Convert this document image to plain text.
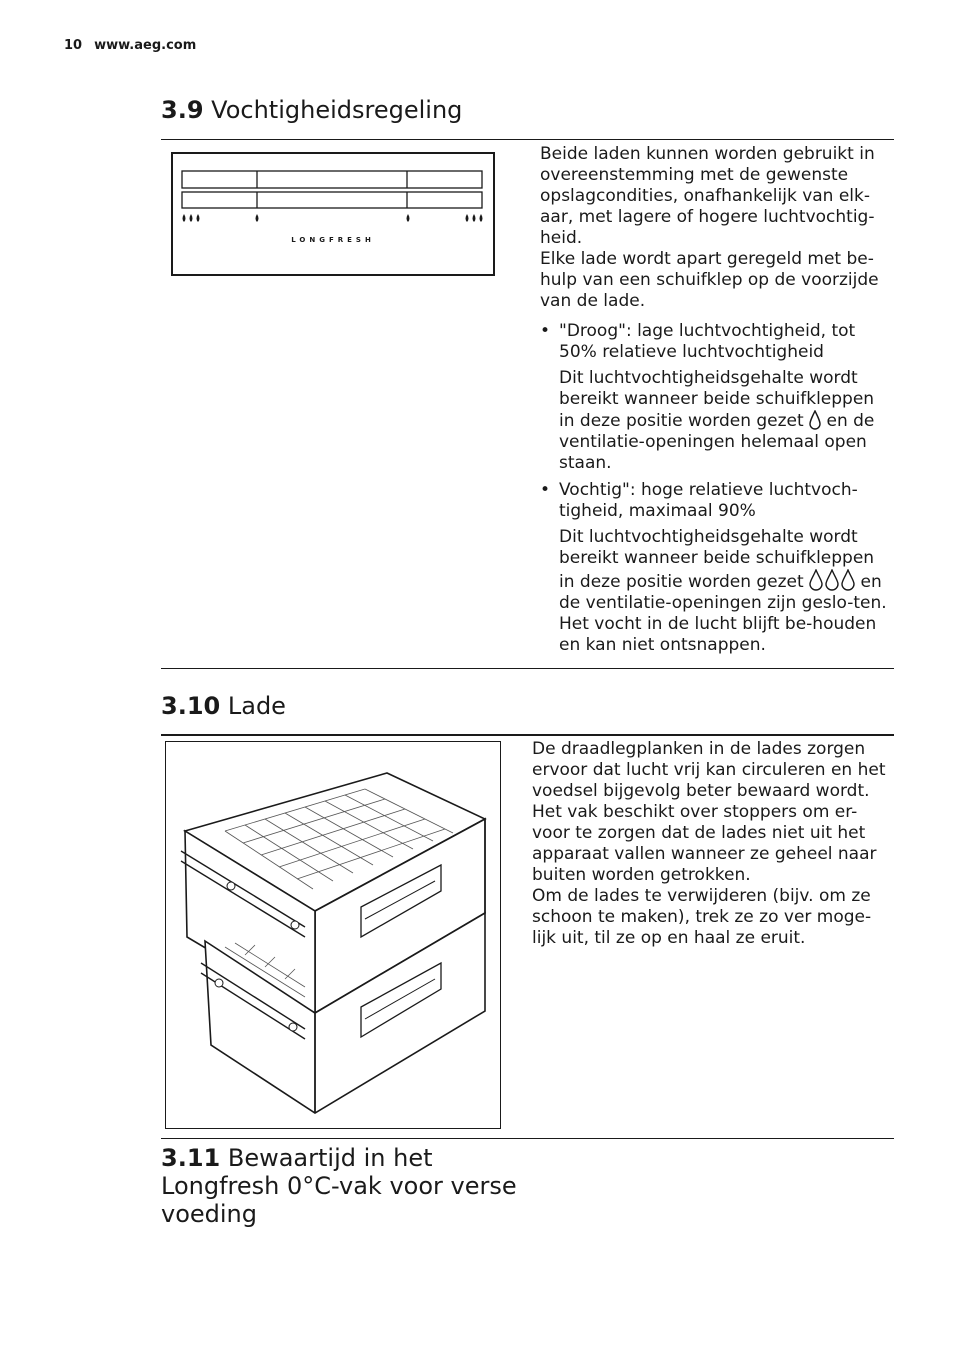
10 www.aeg.com
3.9 Vochtigheidsregeling
LONGFRESH

Beide laden kunnen worden gebruikt in overeenstemming met de gewenste opslagcondities, onafhankelijk van elk-aar, met lagere of hogere luchtvochtig-heid.

Elke lade wordt apart geregeld met be-hulp van een schuifklep op de voorzijde van de lade.

• "Droog": lage luchtvochtigheid, tot 50% relatieve luchtvochtigheid

Dit luchtvochtigheidsgehalte wordt bereikt wanneer beide schuifkleppen in deze positie worden gezet en de ventilatie-openingen helemaal open staan.

• Vochtig": hoge relatieve luchtvoch-tigheid, maximaal 90%

Dit luchtvochtigheidsgehalte wordt bereikt wanneer beide schuifkleppen in deze positie worden gezet	en de ventilatie-openingen zijn geslo-ten. Het vocht in de lucht blijft be-houden en kan niet ontsnappen.

3.10 Lade

De draadlegplanken in de lades zorgen ervoor dat lucht vrij kan circuleren en het voedsel bijgevolg beter bewaard wordt.

Het vak beschikt over stoppers om er-voor te zorgen dat de lades niet uit het apparaat vallen wanneer ze geheel naar buiten worden getrokken.

Om de lades te verwijderen (bijv. om ze schoon te maken), trek ze zo ver moge-lijk uit, til ze op en haal ze eruit.

3.11 Bewaartijd in het
Longfresh 0°C-vak voor verse
voeding
